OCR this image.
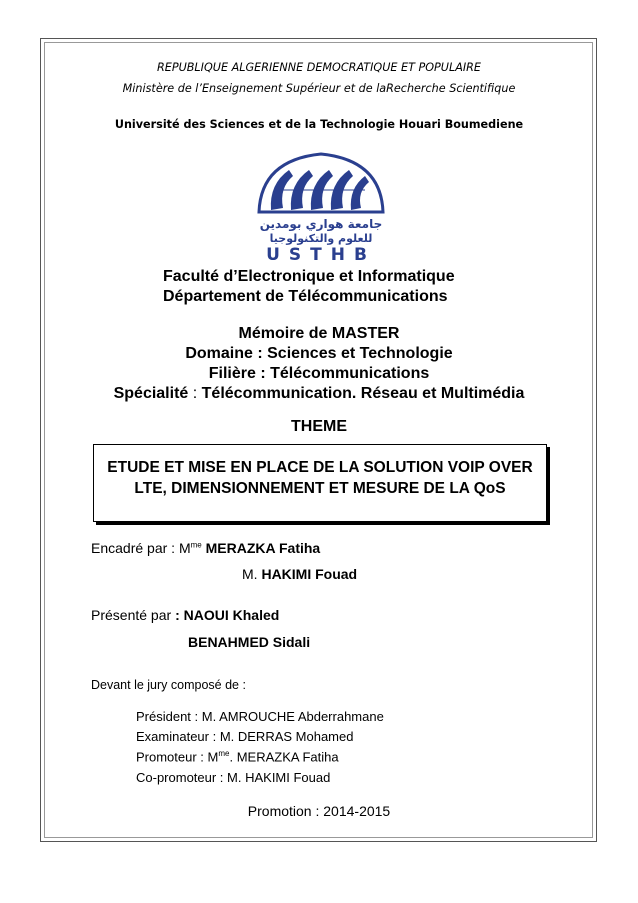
REPUBLIQUE ALGERIENNE DEMOCRATIQUE ET POPULAIRE
Ministère de l’Enseignement Supérieur et de laRecherche Scientifique
Université des Sciences et de la Technologie Houari Boumediene
جامعة هواري بومدين
للعلوم والتكنولوجيا
USTHB
Faculté d’Electronique et Informatique
Département de Télécommunications
Mémoire de MASTER
Domaine : Sciences et Technologie
Filière : Télécommunications
Spécialité : Télécommunication. Réseau et Multimédia
THEME
ETUDE ET MISE EN PLACE DE LA SOLUTION VOIP OVER LTE, DIMENSIONNEMENT ET MESURE DE LA QoS
Encadré par : $M^{me}$ MERAZKA Fatiha
M. HAKIMI Fouad
Présenté par : NAOUI Khaled
BENAHMED Sidali
Devant le jury composé de :
Président : M. AMROUCHE Abderrahmane
Examinateur : M. DERRAS Mohamed
Promoteur : $M^{me}$. MERAZKA Fatiha
Co-promoteur : M. HAKIMI Fouad
Promotion : 2014-2015
